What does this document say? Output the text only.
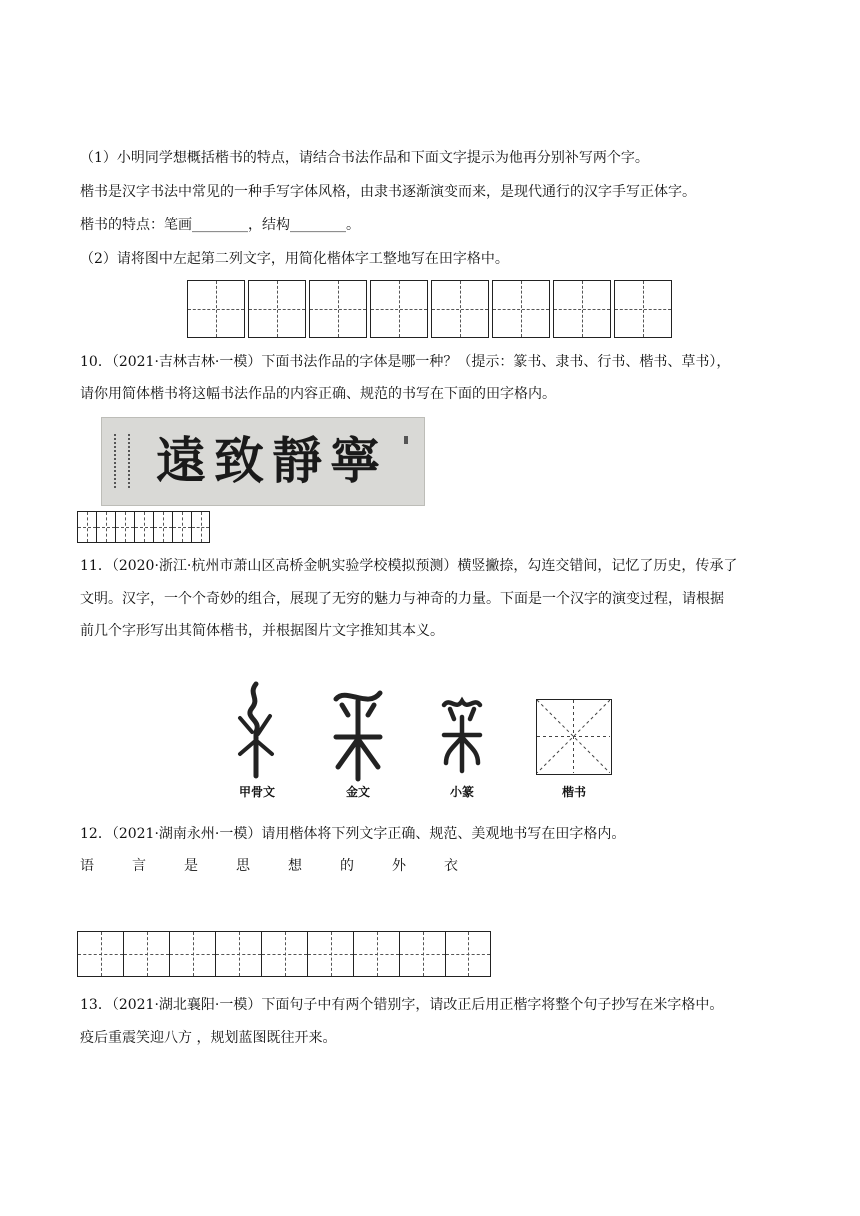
（1）小明同学想概括楷书的特点，请结合书法作品和下面文字提示为他再分别补写两个字。
楷书是汉字书法中常见的一种手写字体风格，由隶书逐渐演变而来，是现代通行的汉字手写正体字。
楷书的特点：笔画________，结构________。
（2）请将图中左起第二列文字，用简化楷体字工整地写在田字格中。
10．（2021·吉林吉林·一模）下面书法作品的字体是哪一种？（提示：篆书、隶书、行书、楷书、草书），
请你用简体楷书将这幅书法作品的内容正确、规范的书写在下面的田字格内。
遠致靜寧
11．（2020·浙江·杭州市萧山区高桥金帆实验学校模拟预测）横竖撇捺，勾连交错间，记忆了历史，传承了
文明。汉字，一个个奇妙的组合，展现了无穷的魅力与神奇的力量。下面是一个汉字的演变过程，请根据
前几个字形写出其简体楷书，并根据图片文字推知其本义。
甲骨文	金文	小篆	楷书
12．（2021·湖南永州·一模）请用楷体将下列文字正确、规范、美观地书写在田字格内。
语	言	是	思	想	的	外	衣
13．（2021·湖北襄阳·一模）下面句子中有两个错别字，请改正后用正楷字将整个句子抄写在米字格中。
疫后重震笑迎八方 ，规划蓝图既往开来。
